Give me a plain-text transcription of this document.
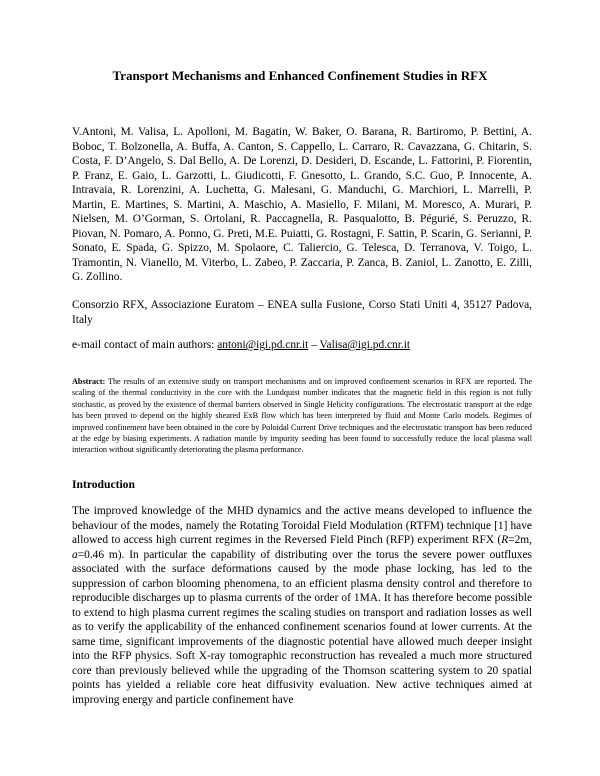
Transport Mechanisms and Enhanced Confinement Studies in RFX
V.Antoni, M. Valisa, L. Apolloni, M. Bagatin, W. Baker, O. Barana, R. Bartiromo, P. Bettini, A. Boboc, T. Bolzonella, A. Buffa, A. Canton, S. Cappello, L. Carraro, R. Cavazzana, G. Chitarin, S. Costa, F. D’Angelo, S. Dal Bello, A. De Lorenzi, D. Desideri, D. Escande, L. Fattorini, P. Fiorentin, P. Franz, E. Gaio, L. Garzotti, L. Giudicotti, F. Gnesotto, L. Grando, S.C. Guo, P. Innocente, A. Intravaia, R. Lorenzini, A. Luchetta, G. Malesani, G. Manduchi, G. Marchiori, L. Marrelli, P. Martin, E. Martines, S. Martini, A. Maschio, A. Masiello, F. Milani, M. Moresco, A. Murari, P. Nielsen, M. O’Gorman, S. Ortolani, R. Paccagnella, R. Pasqualotto, B. Pégurié, S. Peruzzo, R. Piovan, N. Pomaro, A. Ponno, G. Preti, M.E. Puiatti, G. Rostagni, F. Sattin, P. Scarin, G. Serianni, P. Sonato, E. Spada, G. Spizzo, M. Spolaore, C. Taliercio, G. Telesca, D. Terranova, V. Toigo, L. Tramontin, N. Vianello, M. Viterbo, L. Zabeo, P. Zaccaria, P. Zanca, B. Zaniol, L. Zanotto, E. Zilli, G. Zollino.
Consorzio RFX, Associazione Euratom – ENEA sulla Fusione, Corso Stati Uniti 4, 35127 Padova, Italy
e-mail contact of main authors: antoni@igi.pd.cnr.it – Valisa@igi.pd.cnr.it
Abstract: The results of an extensive study on transport mechanisms and on improved confinement scenarios in RFX are reported. The scaling of the thermal conductivity in the core with the Lundquist number indicates that the magnetic field in this region is not fully stochastic, as proved by the existence of thermal barriers observed in Single Helicity configurations. The electrostatic transport at the edge has been proved to depend on the highly sheared ExB flow which has been interpreted by fluid and Monte Carlo models. Regimes of improved confinement have been obtained in the core by Poloidal Current Drive techniques and the electrostatic transport has been reduced at the edge by biasing experiments. A radiation mantle by impurity seeding has been found to successfully reduce the local plasma wall interaction without significantly deteriorating the plasma performance.
Introduction
The improved knowledge of the MHD dynamics and the active means developed to influence the behaviour of the modes, namely the Rotating Toroidal Field Modulation (RTFM) technique [1] have allowed to access high current regimes in the Reversed Field Pinch (RFP) experiment RFX (R=2m, a=0.46 m). In particular the capability of distributing over the torus the severe power outfluxes associated with the surface deformations caused by the mode phase locking, has led to the suppression of carbon blooming phenomena, to an efficient plasma density control and therefore to reproducible discharges up to plasma currents of the order of 1MA. It has therefore become possible to extend to high plasma current regimes the scaling studies on transport and radiation losses as well as to verify the applicability of the enhanced confinement scenarios found at lower currents. At the same time, significant improvements of the diagnostic potential have allowed much deeper insight into the RFP physics. Soft X-ray tomographic reconstruction has revealed a much more structured core than previously believed while the upgrading of the Thomson scattering system to 20 spatial points has yielded a reliable core heat diffusivity evaluation. New active techniques aimed at improving energy and particle confinement have
